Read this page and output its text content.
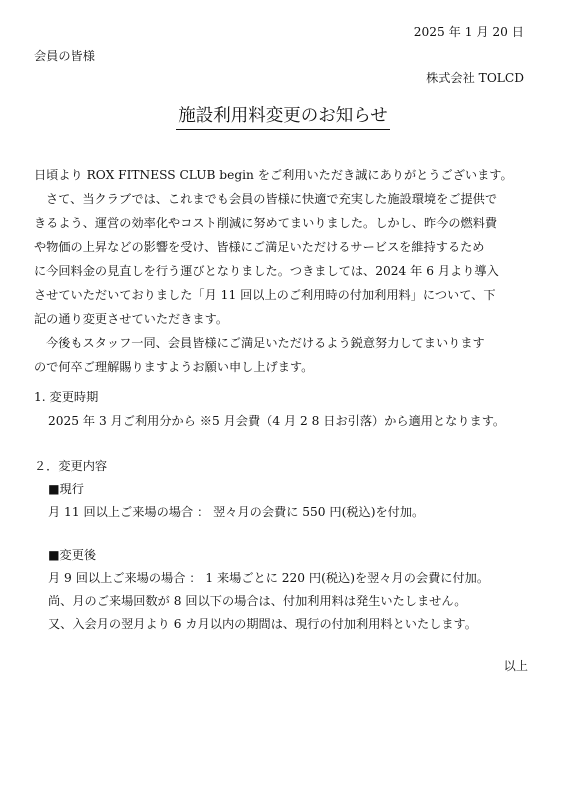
2025 年 1 月 20 日
会員の皆様
株式会社 TOLCD
施設利用料変更のお知らせ
日頃より ROX FITNESS CLUB begin をご利用いただき誠にありがとうございます。
さて、当クラブでは、これまでも会員の皆様に快適で充実した施設環境をご提供で
きるよう、運営の効率化やコスト削減に努めてまいりました。しかし、昨今の燃料費
や物価の上昇などの影響を受け、皆様にご満足いただけるサービスを維持するため
に今回料金の見直しを行う運びとなりました。つきましては、2024 年 6 月より導入
させていただいておりました「月 11 回以上のご利用時の付加利用料」について、下
記の通り変更させていただきます。
今後もスタッフ一同、会員皆様にご満足いただけるよう鋭意努力してまいります
ので何卒ご理解賜りますようお願い申し上げます。
1. 変更時期
2025 年 3 月ご利用分から ※5 月会費（4 月 2 8 日お引落）から適用となります。
２．変更内容
■現行
月 11 回以上ご来場の場合 ： 翌々月の会費に 550 円(税込)を付加。
■変更後
月 9 回以上ご来場の場合 ： 1 来場ごとに 220 円(税込)を翌々月の会費に付加。
尚、月のご来場回数が 8 回以下の場合は、付加利用料は発生いたしません。
又、入会月の翌月より 6 カ月以内の期間は、現行の付加利用料といたします。
以上
